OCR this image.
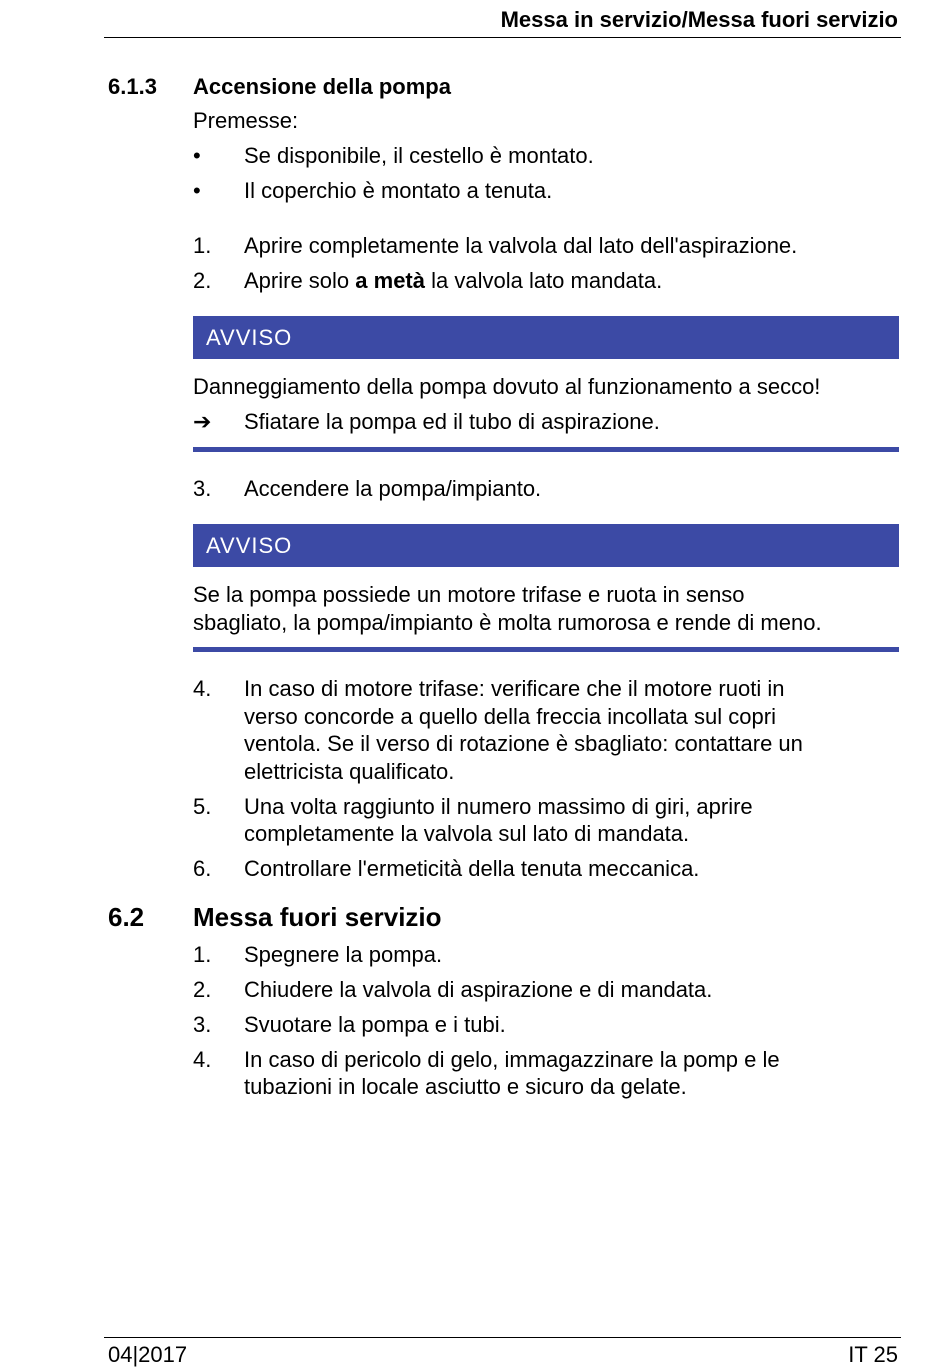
Messa in servizio/Messa fuori servizio
6.1.3 Accensione della pompa
Premesse:
• Se disponibile, il cestello è montato.
• Il coperchio è montato a tenuta.
1. Aprire completamente la valvola dal lato dell'aspirazione.
2. Aprire solo a metà la valvola lato mandata.
AVVISO
Danneggiamento della pompa dovuto al funzionamento a secco!
➔ Sfiatare la pompa ed il tubo di aspirazione.
3. Accendere la pompa/impianto.
AVVISO
Se la pompa possiede un motore trifase e ruota in senso
sbagliato, la pompa/impianto è molta rumorosa e rende di meno.
4. In caso di motore trifase: verificare che il motore ruoti in
verso concorde a quello della freccia incollata sul copri
ventola. Se il verso di rotazione è sbagliato: contattare un
elettricista qualificato.
5. Una volta raggiunto il numero massimo di giri, aprire
completamente la valvola sul lato di mandata.
6. Controllare l'ermeticità della tenuta meccanica.
6.2 Messa fuori servizio
1. Spegnere la pompa.
2. Chiudere la valvola di aspirazione e di mandata.
3. Svuotare la pompa e i tubi.
4. In caso di pericolo di gelo, immagazzinare la pomp e le
tubazioni in locale asciutto e sicuro da gelate.
04|2017	IT 25
